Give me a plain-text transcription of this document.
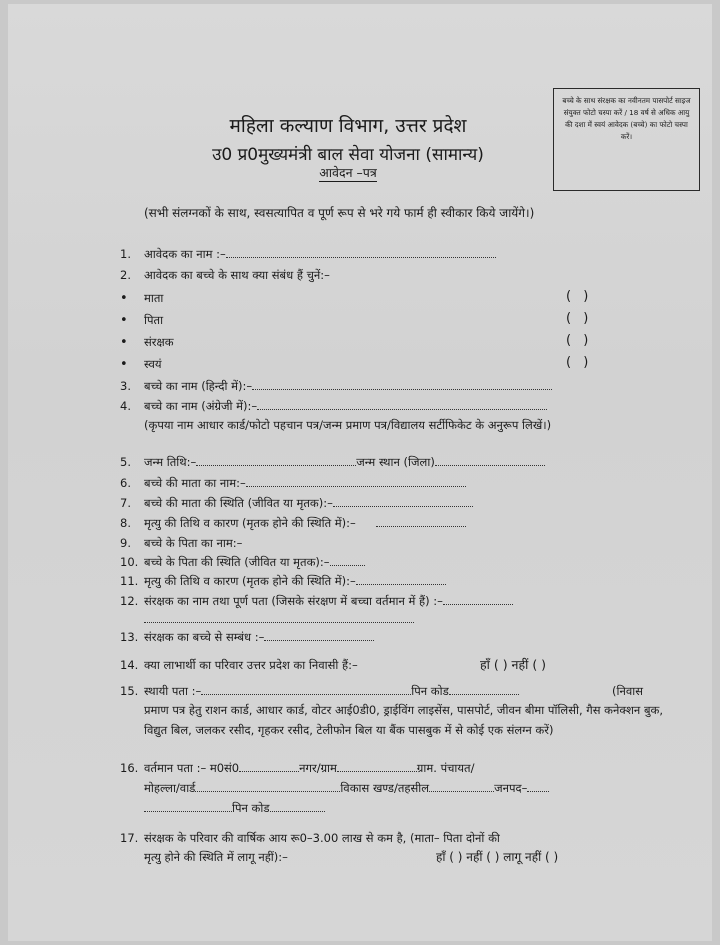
बच्चे के साथ संरक्षक का नवीनतम पासपोर्ट साइज संयुक्त फोटो चस्पा करें / 18 वर्ष से अधिक आयु की दशा में स्वयं आवेदक (बच्चे) का फोटो चस्पा करें।
महिला कल्याण विभाग, उत्तर प्रदेश
उ0 प्र0मुख्यमंत्री बाल सेवा योजना (सामान्य)
आवेदन –पत्र
(सभी संलग्नकों के साथ, स्वसत्यापित व पूर्ण रूप से भरे गये फार्म ही स्वीकार किये जायेंगे।)
1. आवेदक का नाम :–
2. आवेदक का बच्चे के साथ क्या संबंध हैं चुनें:–
• माता	( )
• पिता	( )
• संरक्षक	( )
• स्वयं	( )
3. बच्चे का नाम (हिन्दी में):–
4. बच्चे का नाम (अंग्रेजी में):–
(कृपया नाम आधार कार्ड/फोटो पहचान पत्र/जन्म प्रमाण पत्र/विद्यालय सर्टीफिकेट के अनुरूप लिखें।)
5. जन्म तिथि:–	जन्म स्थान (जिला)
6. बच्चे की माता का नाम:–
7. बच्चे की माता की स्थिति (जीवित या मृतक):–
8. मृत्यु की तिथि व कारण (मृतक होने की स्थिति में):–
9. बच्चे के पिता का नाम:–
10. बच्चे के पिता की स्थिति (जीवित या मृतक):–
11. मृत्यु की तिथि व कारण (मृतक होने की स्थिति में):–
12. संरक्षक का नाम तथा पूर्ण पता (जिसके संरक्षण में बच्चा वर्तमान में हैं) :–
13. संरक्षक का बच्चे से सम्बंध :–
14. क्या लाभार्थी का परिवार उत्तर प्रदेश का निवासी हैं:–	हाँ ( ) नहीं ( )
15. स्थायी पता :–	पिन कोड	(निवास
प्रमाण पत्र हेतु राशन कार्ड, आधार कार्ड, वोटर आई0डी0, ड्राईविंग लाइसेंस, पासपोर्ट, जीवन बीमा पॉलिसी, गैस कनेक्शन बुक, विद्युत बिल, जलकर रसीद, गृहकर रसीद, टेलीफोन बिल या बैंक पासबुक में से कोई एक संलग्न करें)
16. वर्तमान पता :– म0सं0	नगर/ग्राम	ग्राम. पंचायत/
मोहल्ला/वार्ड	विकास खण्ड/तहसील	जनपद–
पिन कोड
17. संरक्षक के परिवार की वार्षिक आय रू0–3.00 लाख से कम है, (माता– पिता दोनों की
मृत्यु होने की स्थिति में लागू नहीं):–	हाँ ( ) नहीं ( ) लागू नहीं ( )
